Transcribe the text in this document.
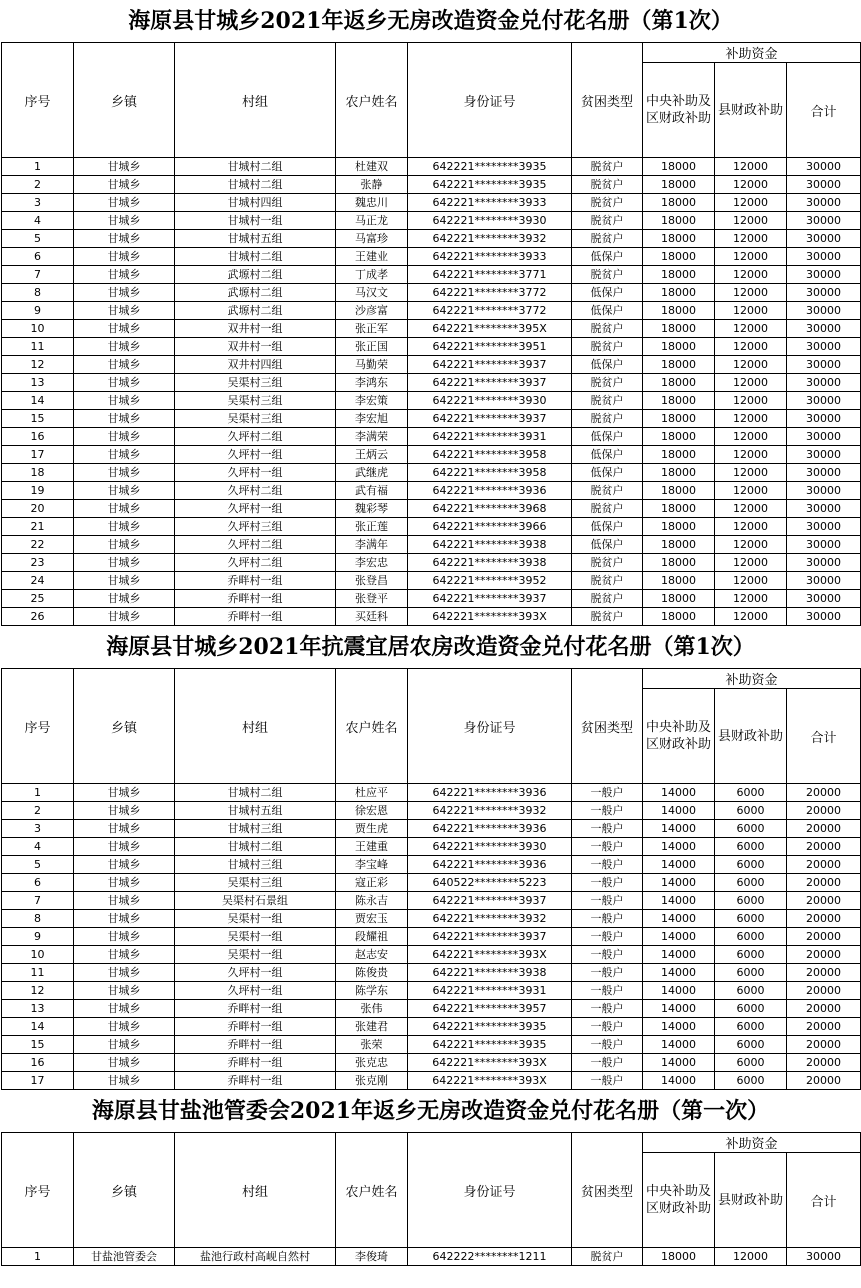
海原县甘城乡2021年返乡无房改造资金兑付花名册（第1次）
序号	乡镇	村组	农户姓名	身份证号	贫困类型	补助资金		
						中央补助及区财政补助	县财政补助	合计
1	甘城乡	甘城村二组	杜建双	642221********3935	脱贫户	18000	12000	30000
2	甘城乡	甘城村二组	张静	642221********3935	脱贫户	18000	12000	30000
3	甘城乡	甘城村四组	魏忠川	642221********3933	脱贫户	18000	12000	30000
4	甘城乡	甘城村一组	马正龙	642221********3930	脱贫户	18000	12000	30000
5	甘城乡	甘城村五组	马富珍	642221********3932	脱贫户	18000	12000	30000
6	甘城乡	甘城村二组	王建业	642221********3933	低保户	18000	12000	30000
7	甘城乡	武塬村二组	丁成孝	642221********3771	脱贫户	18000	12000	30000
8	甘城乡	武塬村二组	马汉文	642221********3772	低保户	18000	12000	30000
9	甘城乡	武塬村二组	沙彦富	642221********3772	低保户	18000	12000	30000
10	甘城乡	双井村一组	张正军	642221********395X	脱贫户	18000	12000	30000
11	甘城乡	双井村一组	张正国	642221********3951	脱贫户	18000	12000	30000
12	甘城乡	双井村四组	马勤荣	642221********3937	低保户	18000	12000	30000
13	甘城乡	吴渠村三组	李鸿东	642221********3937	脱贫户	18000	12000	30000
14	甘城乡	吴渠村三组	李宏策	642221********3930	脱贫户	18000	12000	30000
15	甘城乡	吴渠村三组	李宏旭	642221********3937	脱贫户	18000	12000	30000
16	甘城乡	久坪村二组	李满荣	642221********3931	低保户	18000	12000	30000
17	甘城乡	久坪村一组	王炳云	642221********3958	低保户	18000	12000	30000
18	甘城乡	久坪村一组	武继虎	642221********3958	低保户	18000	12000	30000
19	甘城乡	久坪村二组	武有福	642221********3936	脱贫户	18000	12000	30000
20	甘城乡	久坪村一组	魏彩琴	642221********3968	脱贫户	18000	12000	30000
21	甘城乡	久坪村三组	张正莲	642221********3966	低保户	18000	12000	30000
22	甘城乡	久坪村二组	李满年	642221********3938	低保户	18000	12000	30000
23	甘城乡	久坪村二组	李宏忠	642221********3938	脱贫户	18000	12000	30000
24	甘城乡	乔畔村一组	张登昌	642221********3952	脱贫户	18000	12000	30000
25	甘城乡	乔畔村一组	张登平	642221********3937	脱贫户	18000	12000	30000
26	甘城乡	乔畔村一组	买廷科	642221********393X	脱贫户	18000	12000	30000
海原县甘城乡2021年抗震宜居农房改造资金兑付花名册（第1次）
序号	乡镇	村组	农户姓名	身份证号	贫困类型	补助资金		
						中央补助及区财政补助	县财政补助	合计
1	甘城乡	甘城村二组	杜应平	642221********3936	一般户	14000	6000	20000
2	甘城乡	甘城村五组	徐宏恩	642221********3932	一般户	14000	6000	20000
3	甘城乡	甘城村三组	贾生虎	642221********3936	一般户	14000	6000	20000
4	甘城乡	甘城村二组	王建重	642221********3930	一般户	14000	6000	20000
5	甘城乡	甘城村三组	李宝峰	642221********3936	一般户	14000	6000	20000
6	甘城乡	吴渠村三组	寇正彩	640522********5223	一般户	14000	6000	20000
7	甘城乡	吴渠村石景组	陈永吉	642221********3937	一般户	14000	6000	20000
8	甘城乡	吴渠村一组	贾宏玉	642221********3932	一般户	14000	6000	20000
9	甘城乡	吴渠村一组	段耀祖	642221********3937	一般户	14000	6000	20000
10	甘城乡	吴渠村一组	赵志安	642221********393X	一般户	14000	6000	20000
11	甘城乡	久坪村一组	陈俊贵	642221********3938	一般户	14000	6000	20000
12	甘城乡	久坪村一组	陈学东	642221********3931	一般户	14000	6000	20000
13	甘城乡	乔畔村一组	张伟	642221********3957	一般户	14000	6000	20000
14	甘城乡	乔畔村一组	张建君	642221********3935	一般户	14000	6000	20000
15	甘城乡	乔畔村一组	张荣	642221********3935	一般户	14000	6000	20000
16	甘城乡	乔畔村一组	张克忠	642221********393X	一般户	14000	6000	20000
17	甘城乡	乔畔村一组	张克刚	642221********393X	一般户	14000	6000	20000
海原县甘盐池管委会2021年返乡无房改造资金兑付花名册（第一次）
序号	乡镇	村组	农户姓名	身份证号	贫困类型	补助资金		
						中央补助及区财政补助	县财政补助	合计
1	甘盐池管委会	盐池行政村高岘自然村	李俊琦	642222********1211	脱贫户	18000	12000	30000
